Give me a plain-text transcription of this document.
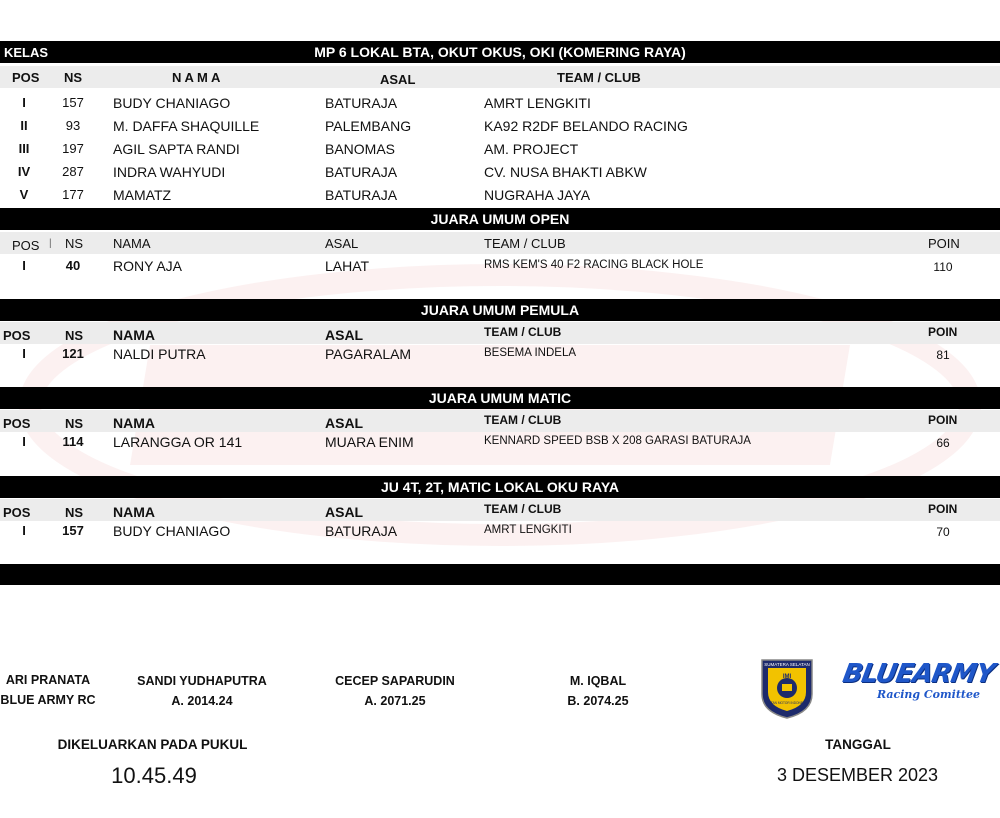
KELAS	MP 6 LOKAL BTA, OKUT OKUS, OKI (KOMERING RAYA)
POS NS	N A M A	ASAL	TEAM / CLUB
I	157	BUDY CHANIAGO	BATURAJA	AMRT LENGKITI
II	93	M. DAFFA SHAQUILLE	PALEMBANG	KA92 R2DF BELANDO RACING
III	197	AGIL SAPTA RANDI	BANOMAS	AM. PROJECT
IV	287	INDRA WAHYUDI	BATURAJA	CV. NUSA BHAKTI ABKW
V	177	MAMATZ	BATURAJA	NUGRAHA JAYA
JUARA UMUM OPEN
POS | NS NAMA	ASAL	TEAM / CLUB	POIN
I	40	RONY AJA	LAHAT	RMS KEM'S 40 F2 RACING BLACK HOLE	110
JUARA UMUM PEMULA
POS	NS NAMA	ASAL	TEAM / CLUB	POIN
I	121	NALDI PUTRA	PAGARALAM	BESEMA INDELA	81
JUARA UMUM MATIC
POS	NS NAMA	ASAL	TEAM / CLUB	POIN
I	114	LARANGGA OR 141	MUARA ENIM	KENNARD SPEED BSB X 208 GARASI BATURAJA	66
JU 4T, 2T, MATIC LOKAL OKU RAYA
POS	NS NAMA	ASAL	TEAM / CLUB	POIN
I	157	BUDY CHANIAGO	BATURAJA	AMRT LENGKITI	70
ARI PRANATA
BLUE ARMY RC
SANDI YUDHAPUTRA
A. 2014.24
CECEP SAPARUDIN
A. 2071.25
M. IQBAL
B. 2074.25
SUMATERA SELATAN
IMI
IKATAN MOTOR INDONESIA
BLUEARMY
Racing Comittee
DIKELUARKAN PADA PUKUL
10.45.49
TANGGAL
3 DESEMBER 2023
